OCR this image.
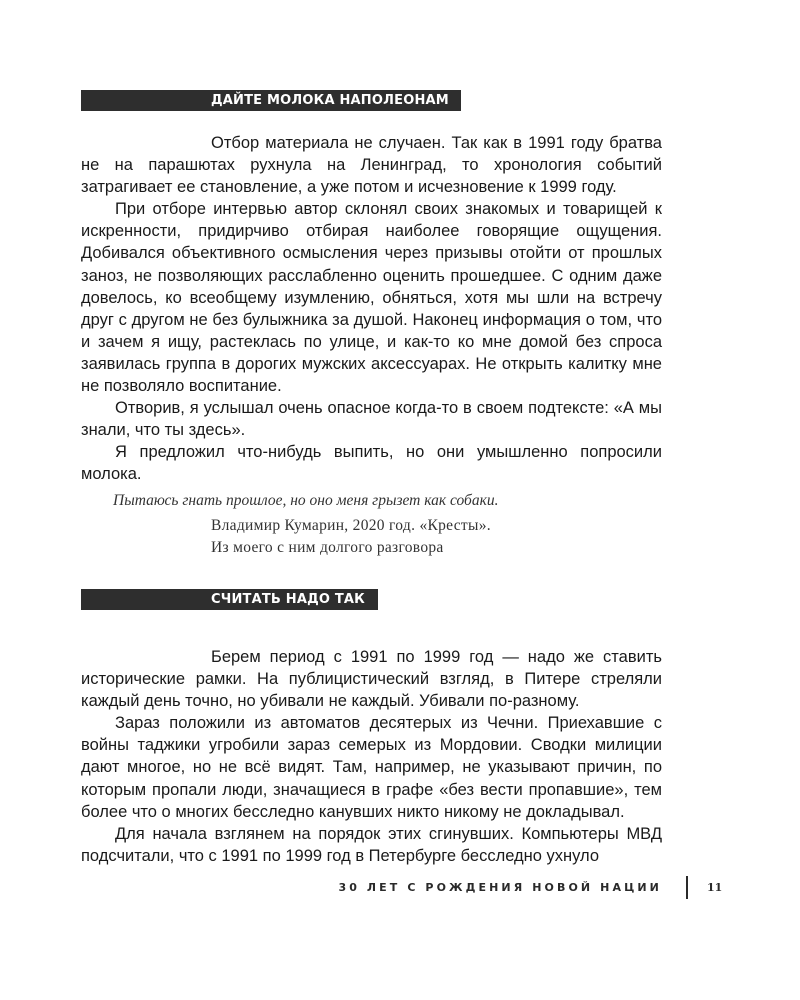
ДАЙТЕ МОЛОКА НАПОЛЕОНАМ

Отбор материала не случаен. Так как в 1991 году братва не на парашютах рухнула на Ленинград, то хронология событий затрагивает ее становление, а уже потом и исчезновение к 1999 году.

При отборе интервью автор склонял своих знакомых и товарищей к искренности, придирчиво отбирая наиболее говорящие ощущения. Добивался объективного осмысления через призывы отойти от прошлых заноз, не позволяющих расслабленно оценить прошедшее. С одним даже довелось, ко всеобщему изумлению, обняться, хотя мы шли на встречу друг с другом не без булыжника за душой. Наконец информация о том, что и зачем я ищу, растеклась по улице, и как-то ко мне домой без спроса заявилась группа в дорогих мужских аксессуарах. Не открыть калитку мне не позволяло воспитание.

Отворив, я услышал очень опасное когда-то в своем подтексте: «А мы знали, что ты здесь».

Я предложил что-нибудь выпить, но они умышленно попросили молока.

Пытаюсь гнать прошлое, но оно меня грызет как собаки.

Владимир Кумарин, 2020 год. «Кресты».
Из моего с ним долгого разговора
СЧИТАТЬ НАДО ТАК

Берем период с 1991 по 1999 год — надо же ставить исторические рамки. На публицистический взгляд, в Питере стреляли каждый день точно, но убивали не каждый. Убивали по-разному.

Зараз положили из автоматов десятерых из Чечни. Приехавшие с войны таджики угробили зараз семерых из Мордовии. Сводки милиции дают многое, но не всё видят. Там, например, не указывают причин, по которым пропали люди, значащиеся в графе «без вести пропавшие», тем более что о многих бесследно канувших никто никому не докладывал.

Для начала взглянем на порядок этих сгинувших. Компьютеры МВД подсчитали, что с 1991 по 1999 год в Петербурге бесследно ухнуло

30 ЛЕТ С РОЖДЕНИЯ НОВОЙ НАЦИИ	11
